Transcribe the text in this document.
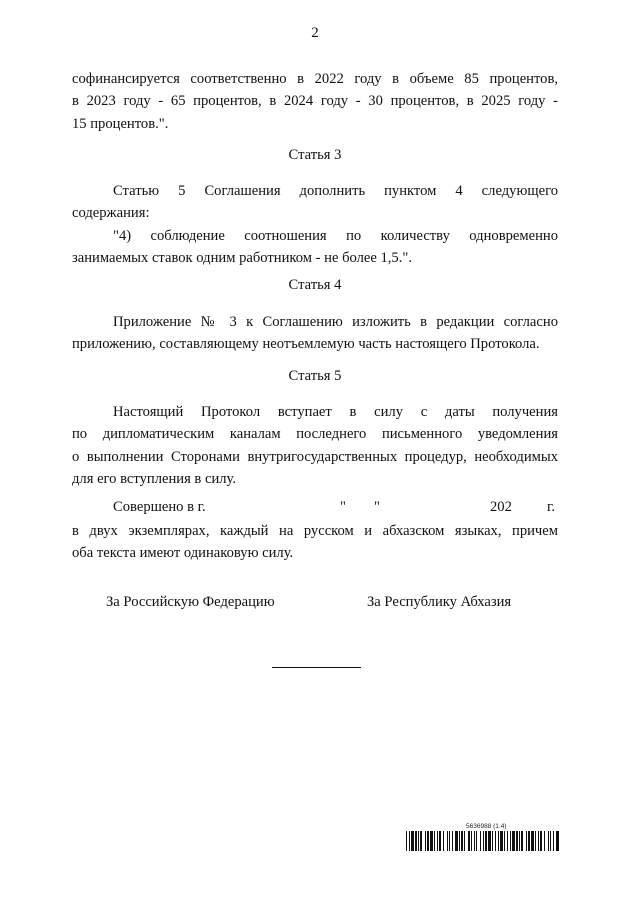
2
софинансируется соответственно в 2022 году в объеме 85 процентов,
в 2023 году - 65 процентов, в 2024 году - 30 процентов, в 2025 году -
15 процентов.".
Статья 3
Статью 5 Соглашения дополнить пунктом 4 следующего
содержания:
"4) соблюдение соотношения по количеству одновременно
занимаемых ставок одним работником - не более 1,5.".
Статья 4
Приложение № 3 к Соглашению изложить в редакции согласно
приложению, составляющему неотъемлемую часть настоящего Протокола.
Статья 5
Настоящий Протокол вступает в силу с даты получения
по дипломатическим каналам последнего письменного уведомления
о выполнении Сторонами внутригосударственных процедур, необходимых
для его вступления в силу.
Совершено в г.	" "	202 г.
в двух экземплярах, каждый на русском и абхазском языках, причем
оба текста имеют одинаковую силу.
За Российскую Федерацию	За Республику Абхазия
5636988 (1.4)
